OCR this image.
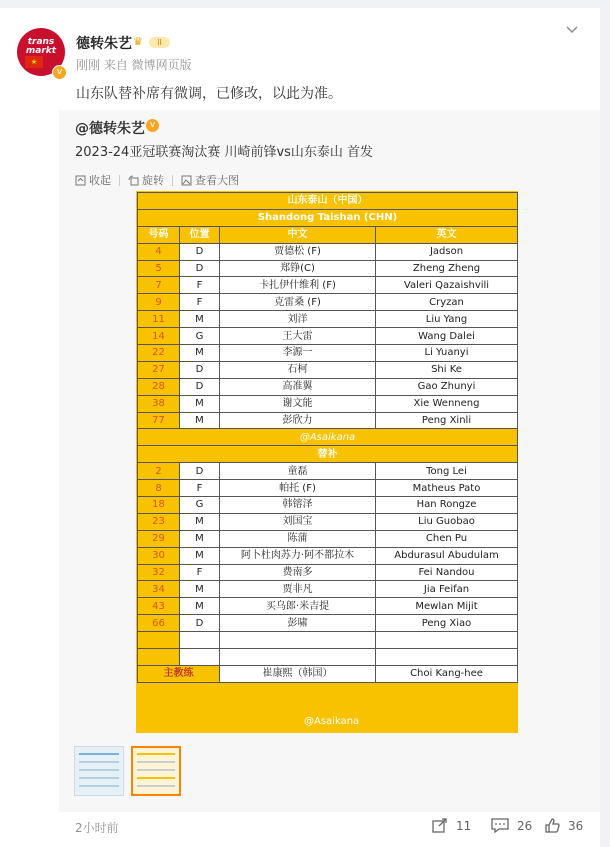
trans
markt
★
v
德转朱艺 ♛	II
刚刚 来自 微博网页版
山东队替补席有微调，已修改，以此为准。
@德转朱艺 v
2023-24亚冠联赛淘汰赛 川崎前锋vs山东泰山 首发
收起	旋转	查看大图
山东泰山（中国）			
Shandong Taishan (CHN)			
号码	位置	中文	英文
4	D	贾德松 (F)	Jadson
5	D	郑铮(C)	Zheng Zheng
7	F	卡扎伊什维利 (F)	Valeri Qazaishvili
9	F	克雷桑 (F)	Cryzan
11	M	刘洋	Liu Yang
14	G	王大雷	Wang Dalei
22	M	李源一	Li Yuanyi
27	D	石柯	Shi Ke
28	D	高准翼	Gao Zhunyi
38	M	谢文能	Xie Wenneng
77	M	彭欣力	Peng Xinli
@Asaikana			
替补			
2	D	童磊	Tong Lei
8	F	帕托 (F)	Matheus Pato
18	G	韩镕泽	Han Rongze
23	M	刘国宝	Liu Guobao
29	M	陈蒲	Chen Pu
30	M	阿卜杜肉苏力·阿不都拉木	Abdurasul Abudulam
32	F	费南多	Fei Nandou
34	M	贾非凡	Jia Feifan
43	M	买乌郎·米吉提	Mewlan Mijit
66	D	彭啸	Peng Xiao

主教练		崔康熙（韩国）	Choi Kang-hee
@Asaikana
2小时前	11	26	36
